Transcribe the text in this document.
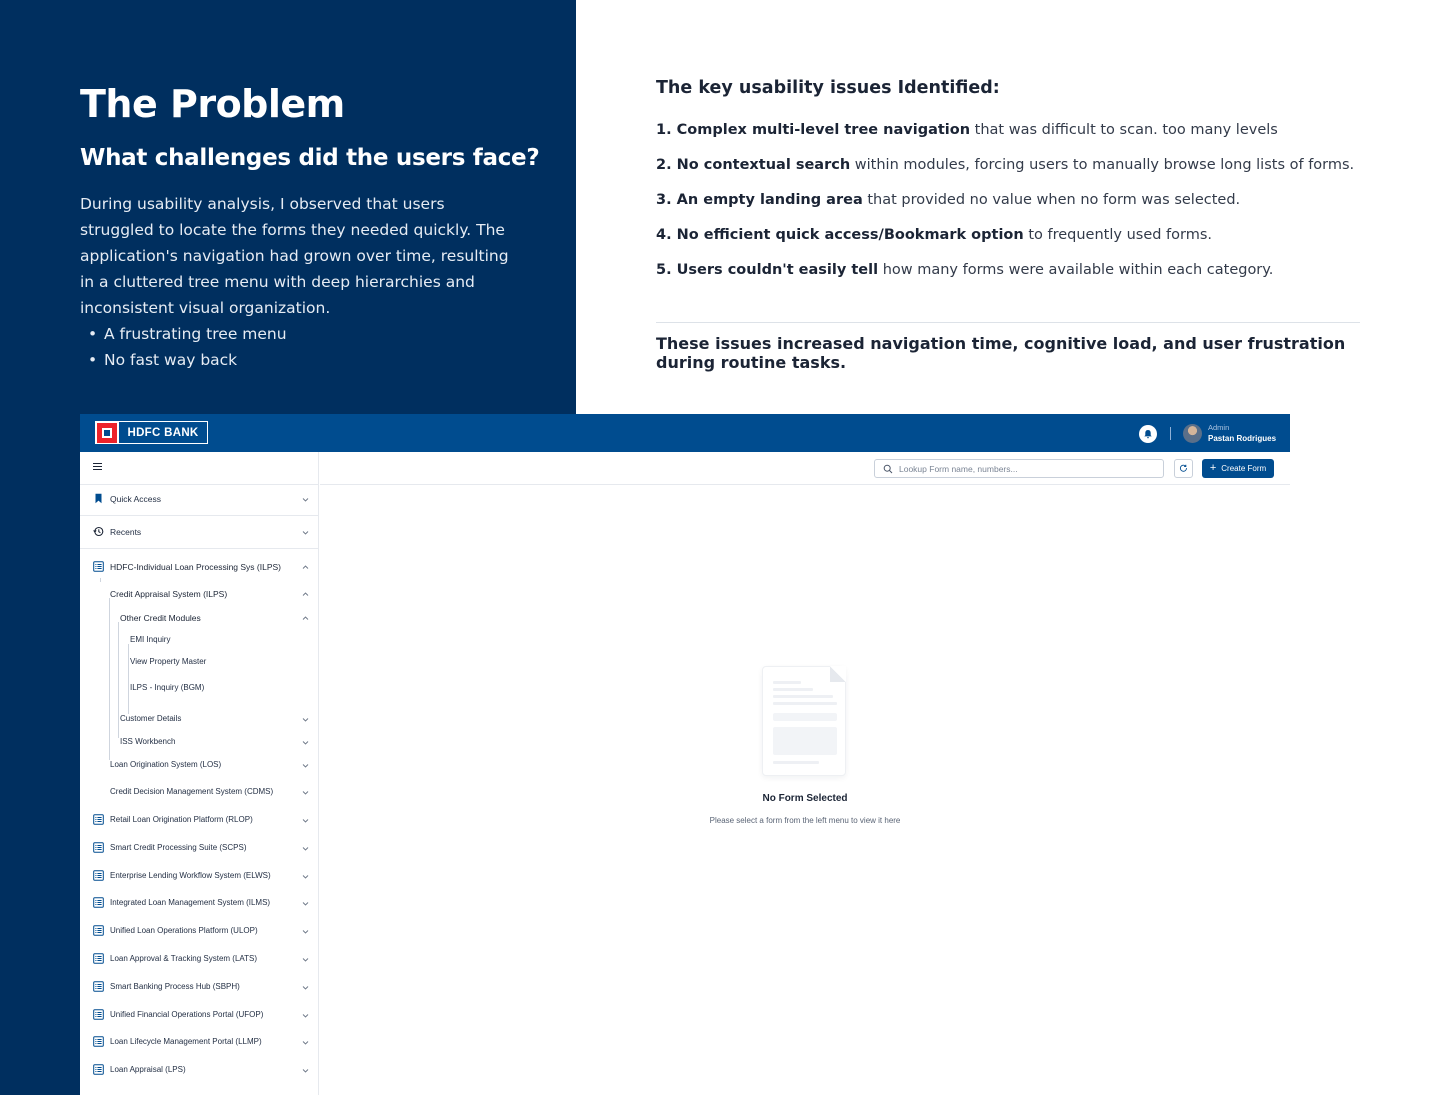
The Problem
What challenges did the users face?
During usability analysis, I observed that users struggled to locate the forms they needed quickly. The application's navigation had grown over time, resulting in a cluttered tree menu with deep hierarchies and inconsistent visual organization.
• A frustrating tree menu
• No fast way back
The key usability issues Identified:
1. Complex multi-level tree navigation that was difficult to scan. too many levels
2. No contextual search within modules, forcing users to manually browse long lists of forms.
3. An empty landing area that provided no value when no form was selected.
4. No efficient quick access/Bookmark option to frequently used forms.
5. Users couldn't easily tell how many forms were available within each category.
These issues increased navigation time, cognitive load, and user frustration during routine tasks.
HDFC BANK	Admin
Pastan Rodrigues
Lookup Form name, numbers...	+ Create Form
Quick Access
Recents
HDFC-Individual Loan Processing Sys (ILPS)
Credit Appraisal System (ILPS)
Other Credit Modules
EMI Inquiry
View Property Master
ILPS - Inquiry (BGM)
Customer Details
ISS Workbench
Loan Origination System (LOS)
Credit Decision Management System (CDMS)
Retail Loan Origination Platform (RLOP)
Smart Credit Processing Suite (SCPS)
Enterprise Lending Workflow System (ELWS)
Integrated Loan Management System (ILMS)
Unified Loan Operations Platform (ULOP)
Loan Approval & Tracking System (LATS)
Smart Banking Process Hub (SBPH)
Unified Financial Operations Portal (UFOP)
Loan Lifecycle Management Portal (LLMP)
Loan Appraisal (LPS)
No Form Selected
Please select a form from the left menu to view it here
